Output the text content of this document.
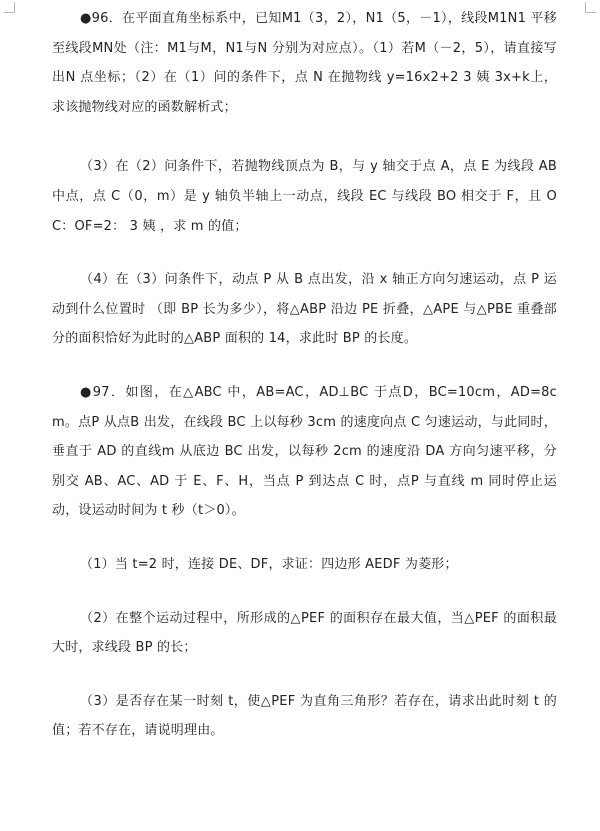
●96．在平面直角坐标系中，已知M1（3，2），N1（5，－1），线段M1N1 平移至线段MN处（注：M1与M，N1与N 分别为对应点）。（1）若M（－2，5），请直接写出N 点坐标；（2）在（1）问的条件下，点 N 在抛物线 y=16x2+2 3 姨 3x+k上，求该抛物线对应的函数解析式；

（3）在（2）问条件下，若抛物线顶点为 B，与 y 轴交于点 A，点 E 为线段 AB 中点，点 C（0，m）是 y 轴负半轴上一动点，线段 EC 与线段 BO 相交于 F，且 OC：OF=2： 3 姨 ，求 m 的值；

（4）在（3）问条件下，动点 P 从 B 点出发，沿 x 轴正方向匀速运动，点 P 运动到什么位置时 （即 BP 长为多少），将△ABP 沿边 PE 折叠，△APE 与△PBE 重叠部分的面积恰好为此时的△ABP 面积的 14，求此时 BP 的长度。

●97．如图，在△ABC 中，AB=AC，AD⊥BC 于点D，BC=10cm，AD=8cm。点P 从点B 出发，在线段 BC 上以每秒 3cm 的速度向点 C 匀速运动，与此同时，垂直于 AD 的直线m 从底边 BC 出发，以每秒 2cm 的速度沿 DA 方向匀速平移，分别交 AB、AC、AD 于 E、F、H，当点 P 到达点 C 时，点P 与直线 m 同时停止运动，设运动时间为 t 秒（t＞0）。

（1）当 t=2 时，连接 DE、DF，求证：四边形 AEDF 为菱形；

（2）在整个运动过程中，所形成的△PEF 的面积存在最大值，当△PEF 的面积最大时，求线段 BP 的长；

（3）是否存在某一时刻 t，使△PEF 为直角三角形？若存在，请求出此时刻 t 的值；若不存在，请说明理由。
